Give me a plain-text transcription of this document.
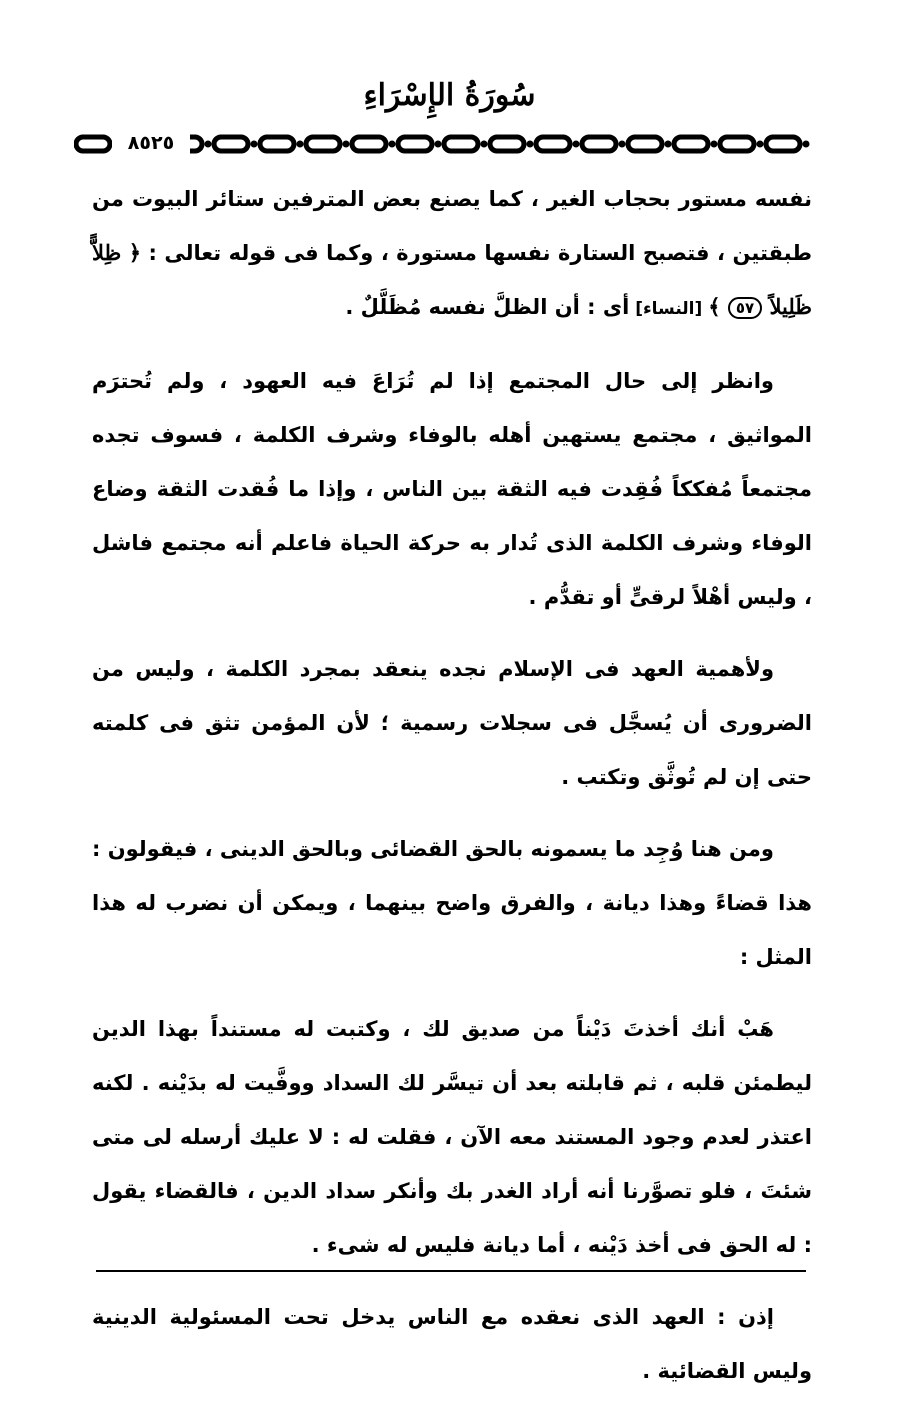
سُورَةُ الإِسْرَاءِ
٨٥٢٥

نفسه مستور بحجاب الغير ، كما يصنع بعض المترفين ستائر البيوت من طبقتين ، فتصبح الستارة نفسها مستورة ، وكما فى قوله تعالى : ﴿ ظِلاًّ ظَلِيلاً ٥٧ ﴾ [النساء] أى : أن الظلَّ نفسه مُظَلَّلٌ .

وانظر إلى حال المجتمع إذا لم تُرَاعَ فيه العهود ، ولم تُحترَم المواثيق ، مجتمع يستهين أهله بالوفاء وشرف الكلمة ، فسوف تجده مجتمعاً مُفككاً فُقِدت فيه الثقة بين الناس ، وإذا ما فُقدت الثقة وضاع الوفاء وشرف الكلمة الذى تُدار به حركة الحياة فاعلم أنه مجتمع فاشل ، وليس أهْلاً لرقىٍّ أو تقدُّم .

ولأهمية العهد فى الإسلام نجده ينعقد بمجرد الكلمة ، وليس من الضرورى أن يُسجَّل فى سجلات رسمية ؛ لأن المؤمن تثق فى كلمته حتى إن لم تُوثَّق وتكتب .

ومن هنا وُجِد ما يسمونه بالحق القضائى وبالحق الدينى ، فيقولون : هذا قضاءً وهذا ديانة ، والفرق واضح بينهما ، ويمكن أن نضرب له هذا المثل :

هَبْ أنك أخذتَ دَيْناً من صديق لك ، وكتبت له مستنداً بهذا الدين ليطمئن قلبه ، ثم قابلته بعد أن تيسَّر لك السداد ووفَّيت له بدَيْنه . لكنه اعتذر لعدم وجود المستند معه الآن ، فقلت له : لا عليك أرسله لى متى شئتَ ، فلو تصوَّرنا أنه أراد الغدر بك وأنكر سداد الدين ، فالقضاء يقول : له الحق فى أخذ دَيْنه ، أما ديانة فليس له شىء .

إذن : العهد الذى نعقده مع الناس يدخل تحت المسئولية الدينية وليس القضائية .
